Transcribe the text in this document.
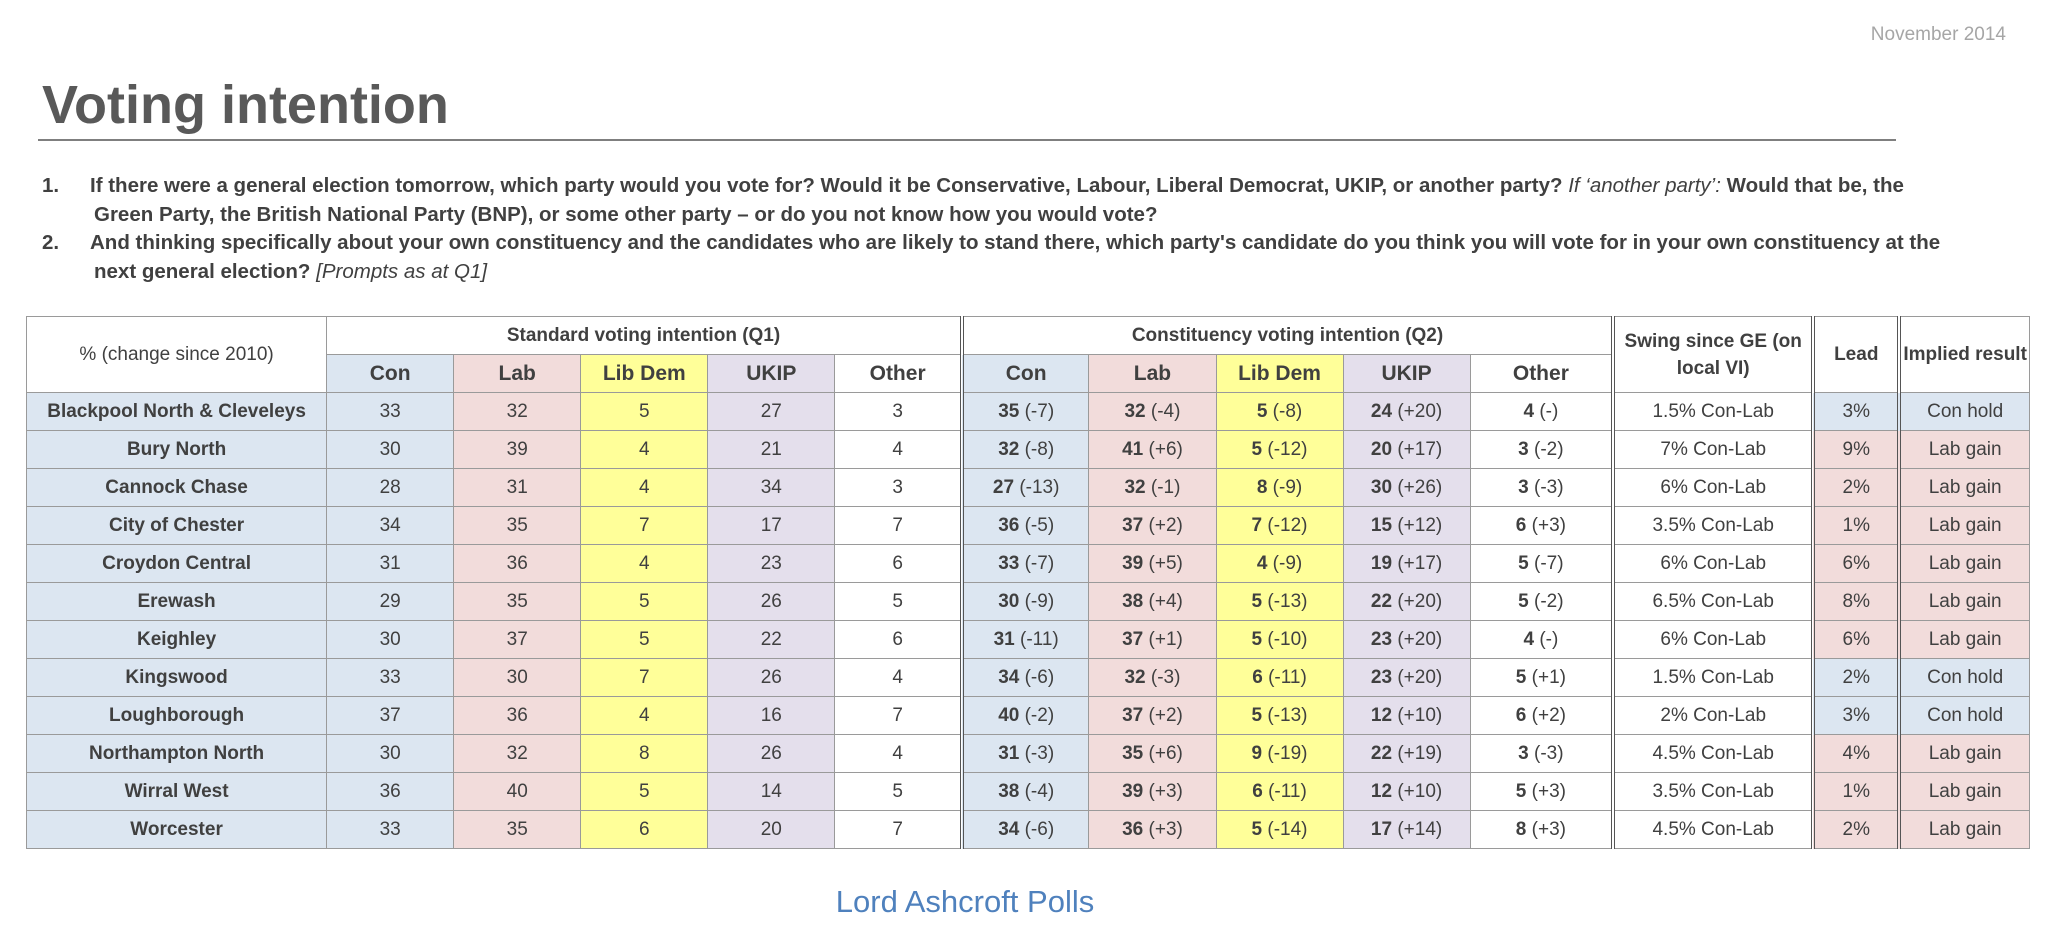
November 2014
Voting intention
1. If there were a general election tomorrow, which party would you vote for? Would it be Conservative, Labour, Liberal Democrat, UKIP, or another party? If ‘another party’: Would that be, the Green Party, the British National Party (BNP), or some other party – or do you not know how you would vote?
2. And thinking specifically about your own constituency and the candidates who are likely to stand there, which party's candidate do you think you will vote for in your own constituency at the next general election? [Prompts as at Q1]
% (change since 2010)	Standard voting intention (Q1)					Constituency voting intention (Q2)					Swing since GE (on local VI)	Lead	Implied result
	Con	Lab	Lib Dem	UKIP	Other	Con	Lab	Lib Dem	UKIP	Other			
Blackpool North & Cleveleys	33	32	5	27	3	35 (-7)	32 (-4)	5 (-8)	24 (+20)	4 (-)	1.5% Con-Lab	3%	Con hold
Bury North	30	39	4	21	4	32 (-8)	41 (+6)	5 (-12)	20 (+17)	3 (-2)	7% Con-Lab	9%	Lab gain
Cannock Chase	28	31	4	34	3	27 (-13)	32 (-1)	8 (-9)	30 (+26)	3 (-3)	6% Con-Lab	2%	Lab gain
City of Chester	34	35	7	17	7	36 (-5)	37 (+2)	7 (-12)	15 (+12)	6 (+3)	3.5% Con-Lab	1%	Lab gain
Croydon Central	31	36	4	23	6	33 (-7)	39 (+5)	4 (-9)	19 (+17)	5 (-7)	6% Con-Lab	6%	Lab gain
Erewash	29	35	5	26	5	30 (-9)	38 (+4)	5 (-13)	22 (+20)	5 (-2)	6.5% Con-Lab	8%	Lab gain
Keighley	30	37	5	22	6	31 (-11)	37 (+1)	5 (-10)	23 (+20)	4 (-)	6% Con-Lab	6%	Lab gain
Kingswood	33	30	7	26	4	34 (-6)	32 (-3)	6 (-11)	23 (+20)	5 (+1)	1.5% Con-Lab	2%	Con hold
Loughborough	37	36	4	16	7	40 (-2)	37 (+2)	5 (-13)	12 (+10)	6 (+2)	2% Con-Lab	3%	Con hold
Northampton North	30	32	8	26	4	31 (-3)	35 (+6)	9 (-19)	22 (+19)	3 (-3)	4.5% Con-Lab	4%	Lab gain
Wirral West	36	40	5	14	5	38 (-4)	39 (+3)	6 (-11)	12 (+10)	5 (+3)	3.5% Con-Lab	1%	Lab gain
Worcester	33	35	6	20	7	34 (-6)	36 (+3)	5 (-14)	17 (+14)	8 (+3)	4.5% Con-Lab	2%	Lab gain
Lord Ashcroft Polls
